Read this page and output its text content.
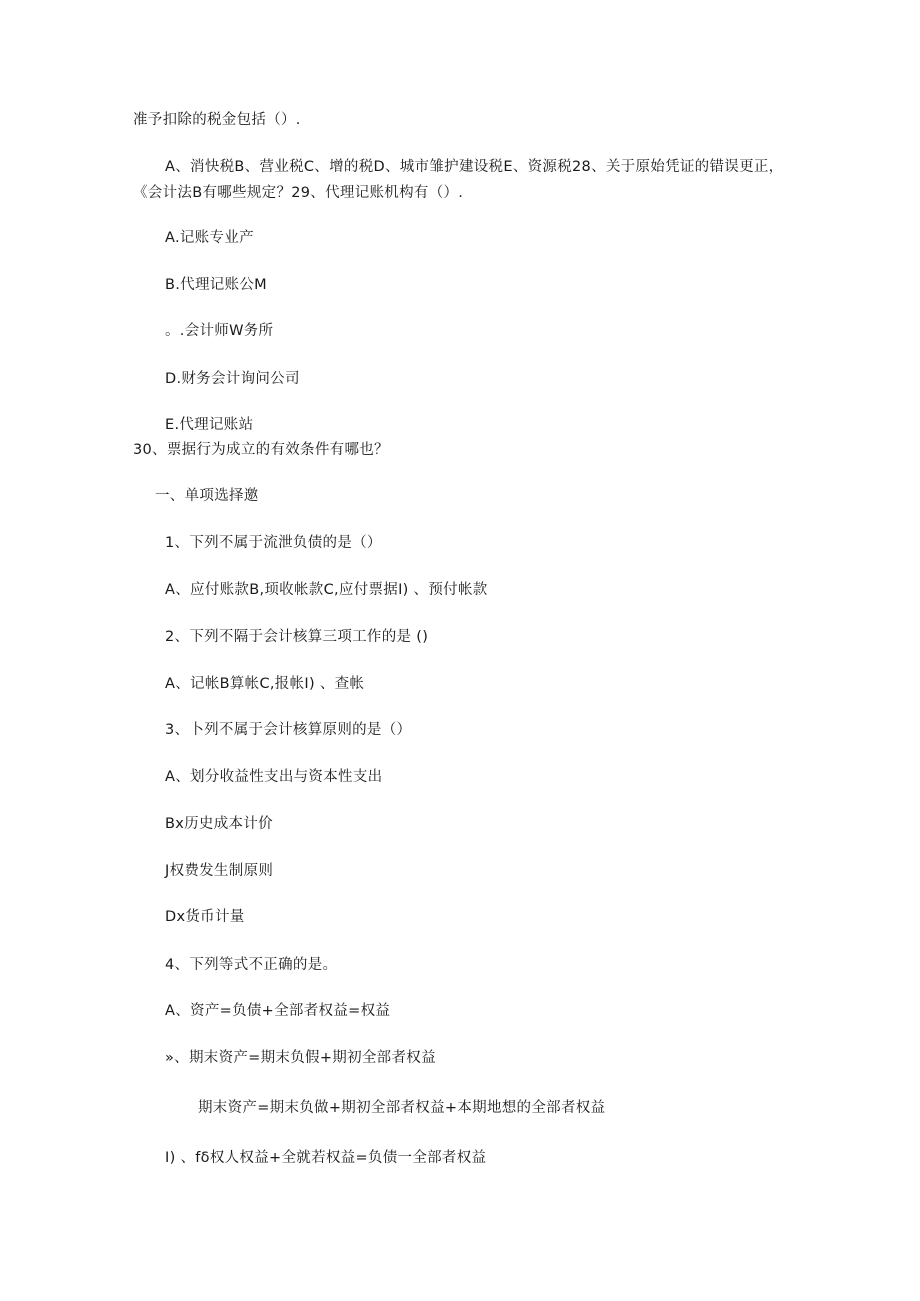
准予扣除的税金包括（）.
A、消快税B、营业税C、增的税D、城市雏护建设税E、资源税28、关于原始凭证的错误更正，
《会计法B有哪些规定？29、代理记账机构有（）.
A.记账专业产
B.代理记账公M
。.会计师W务所
D.财务会计询问公司
E.代理记账站
30、票据行为成立的有效条件有哪也？
一、单项选择邀
1、下列不属于流泄负债的是（）
A、应付账款B,顼收帐款C,应付票据I) 、预付帐款
2、下列不隔于会计核算三项工作的是 ()
A、记帐B算帐C,报帐I) 、查帐
3、卜列不属于会计核算原则的是（）
A、划分收益性支出与资本性支出
Bx历史成本计价
J权费发生制原则
Dx货币计量
4、下列等式不正确的是。
A、资产=负债+全部者权益=权益
»、期末资产=期末负假+期初全部者权益
期末资产=期末负做+期初全部者权益+本期地想的全部者权益
I) 、fδ权人权益+全就若权益=负债一全部者权益
